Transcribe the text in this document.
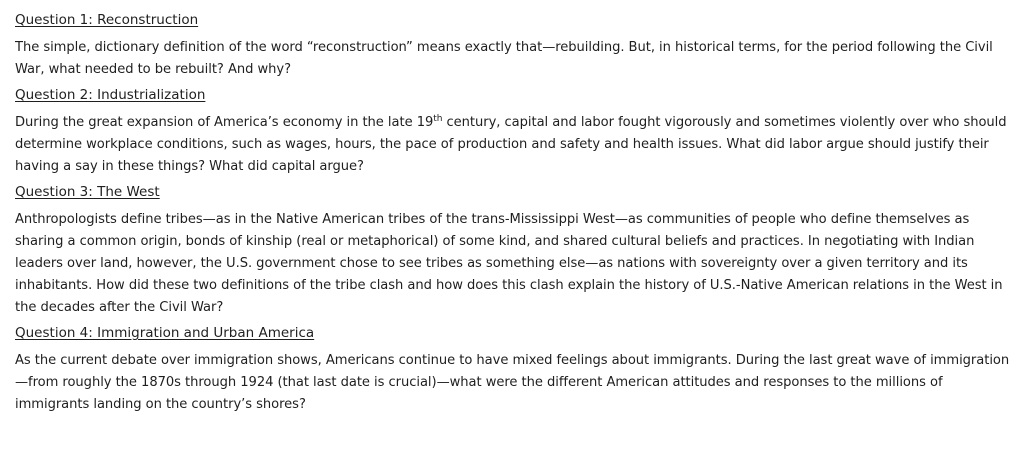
Question 1: Reconstruction

The simple, dictionary definition of the word “reconstruction” means exactly that—rebuilding. But, in historical terms, for the period following the Civil War, what needed to be rebuilt? And why?

Question 2: Industrialization

During the great expansion of America’s economy in the late 19th century, capital and labor fought vigorously and sometimes violently over who should determine workplace conditions, such as wages, hours, the pace of production and safety and health issues. What did labor argue should justify their having a say in these things? What did capital argue?

Question 3: The West

Anthropologists define tribes—as in the Native American tribes of the trans-Mississippi West—as communities of people who define themselves as sharing a common origin, bonds of kinship (real or metaphorical) of some kind, and shared cultural beliefs and practices. In negotiating with Indian leaders over land, however, the U.S. government chose to see tribes as something else—as nations with sovereignty over a given territory and its inhabitants. How did these two definitions of the tribe clash and how does this clash explain the history of U.S.-Native American relations in the West in the decades after the Civil War?

Question 4: Immigration and Urban America

As the current debate over immigration shows, Americans continue to have mixed feelings about immigrants. During the last great wave of immigration—from roughly the 1870s through 1924 (that last date is crucial)—what were the different American attitudes and responses to the millions of immigrants landing on the country’s shores?
